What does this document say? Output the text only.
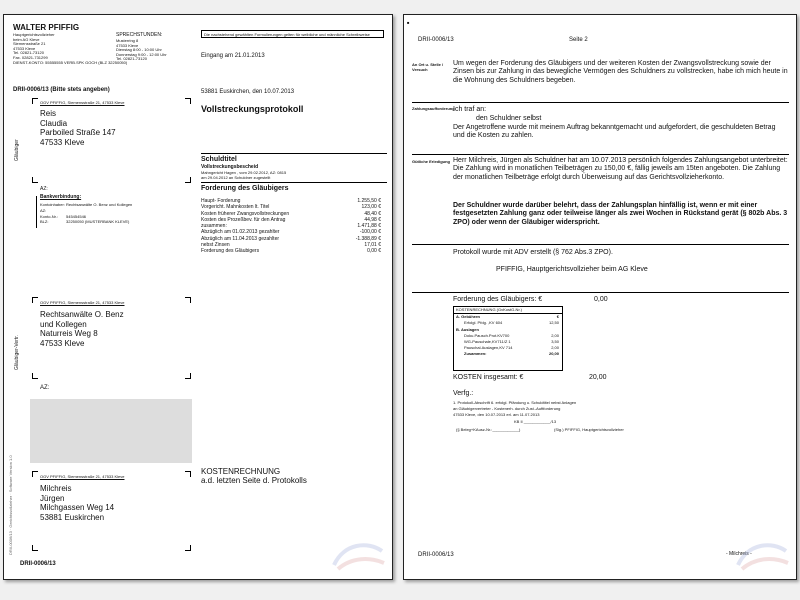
WALTER PFIFFIG
Hauptgerichtsvollzieher
beim AG Kleve
Siemensstraße 21
47533 Kleve
Tel. 02821-73120
Fax. 02821-731299
DIENST-KONTO: 55555555 VERB.SPK GOCH (BLZ 32250050)
SPRECHSTUNDEN:
Musterring 8
47533 Kleve
Dienstag 8:00 - 10:00 Uhr
Donnerstag 9:00 - 12:00 Uhr
Tel. 02821-73120
Die nachstehend gewählten Formulierungen gelten für weibliche und männliche Schreibweise
Eingang am 21.01.2013
DRII-0006/13 (Bitte stets angeben)	53881 Euskirchen, den 10.07.2013
OGV PFIFFIG, Siemensstraße 21, 47533 Kleve
Gläubiger
Reis
Claudia
Parboiled Straße 147
47533 Kleve
Vollstreckungsprotokoll
Schuldtitel
Vollstreckungsbescheid
Mahngericht Hagen , vom 29.02.2012, AZ: 0815
am 29.04.2012 an Schuldner zugestellt
Forderung des Gläubigers
Haupt- Forderung	1.255,50 €
Vorgericht. Mahnkosten lt. Titel	123,00 €
Kosten früherer Zwangsvollstreckungen	48,40 €
Kosten des Prozeßbev. für den Antrag	44,98 €
zusammen:	1.471,88 €
Abzüglich am 01.02.2013 gezahlter	-100,00 €
Abzüglich am 11.04.2013 gezahlter	-1.388,89 €
nebst Zinsen	17,01 €
Forderung des Gläubigers	0,00 €
AZ:
Bankverbindung:
Kontoinhaber: Rechtsanwälte O. Benz und Kollegen
AZ:
Konto-Nr.:	545454546
BLZ:	32250050 (MUSTERBANK KLEVE)
OGV PFIFFIG, Siemensstraße 21, 47533 Kleve
Gläubiger-Vertr.
Rechtsanwälte O. Benz
und Kollegen
Naturreis Weg 8
47533 Kleve
AZ:
OGV PFIFFIG, Siemensstraße 21, 47533 Kleve
Milchreis
Jürgen
Milchgassen Weg 14
53881 Euskirchen
KOSTENRECHNUNG
a.d. letzten Seite d. Protokolls
DRII-0006/13
DRII-0006/13 · Gerichtsvollzieher · Software Version 1.0
■
DRII-0006/13	Seite 2
An Ort u. Stelle / Versuch
Um wegen der Forderung des Gläubigers und der weiteren Kosten der Zwangsvollstreckung sowie der Zinsen bis zur Zahlung in das bewegliche Vermögen des Schuldners zu vollstrecken, habe ich mich heute in die Wohnung des Schuldners begeben.
Zahlungsaufforderung
Ich traf an:
den Schuldner selbst
Der Angetroffene wurde mit meinem Auftrag bekanntgemacht und aufgefordert, die geschuldeten Betrag und die Kosten zu zahlen.
Gütliche Erledigung Herr Milchreis, Jürgen als Schuldner hat am 10.07.2013 persönlich folgendes Zahlungsangebot unterbreitet: Die Zahlung wird in monatlichen Teilbeträgen zu 150,00 €, fällig jeweils am 15ten angeboten. Die Zahlung der monatlichen Teilbeträge erfolgt durch Überweisung auf das Gerichtsvollzieherkonto.
Der Schuldner wurde darüber belehrt, dass der Zahlungsplan hinfällig ist, wenn er mit einer festgesetzten Zahlung ganz oder teilweise länger als zwei Wochen in Rückstand gerät (§ 802b Abs. 3 ZPO) oder wenn der Gläubiger widerspricht.
Protokoll wurde mit ADV erstellt (§ 762 Abs.3 ZPO).
PFIFFIG, Hauptgerichtsvollzieher beim AG Kleve
Forderung des Gläubigers: €	0,00
KOSTENRECHNUNG (GvKostG-Nr.)
A. Gebühren	€
Erfolgl. Pfdg. ,KV 604	12,50
B. Auslagen
Doku.Pausch.Prot.KV700	2,00
WG-Pauschale,KV711/Z 1	3,50
Pauschal.Auslagen,KV 714	2,00
Zusammen:	20,00
KOSTEN insgesamt: €	20,00
Verfg.:
1. Protokoll-Abschrift 6. erfolgl. Pfändung u. Schuldtitel nebst Anlagen
an Gläubigervertreter - Kostenerh. durch Zust.-Auftforderung
47533 Kleve, den 10.07.2013 erl. am 11.07.2013
KB II ____________/13
(§ Beleg+KAusz-Nr.:____________)	(Sig.) PFIFFIG, Hauptgerichtsvollzieher
DRII-0006/13	- Milchreis -
